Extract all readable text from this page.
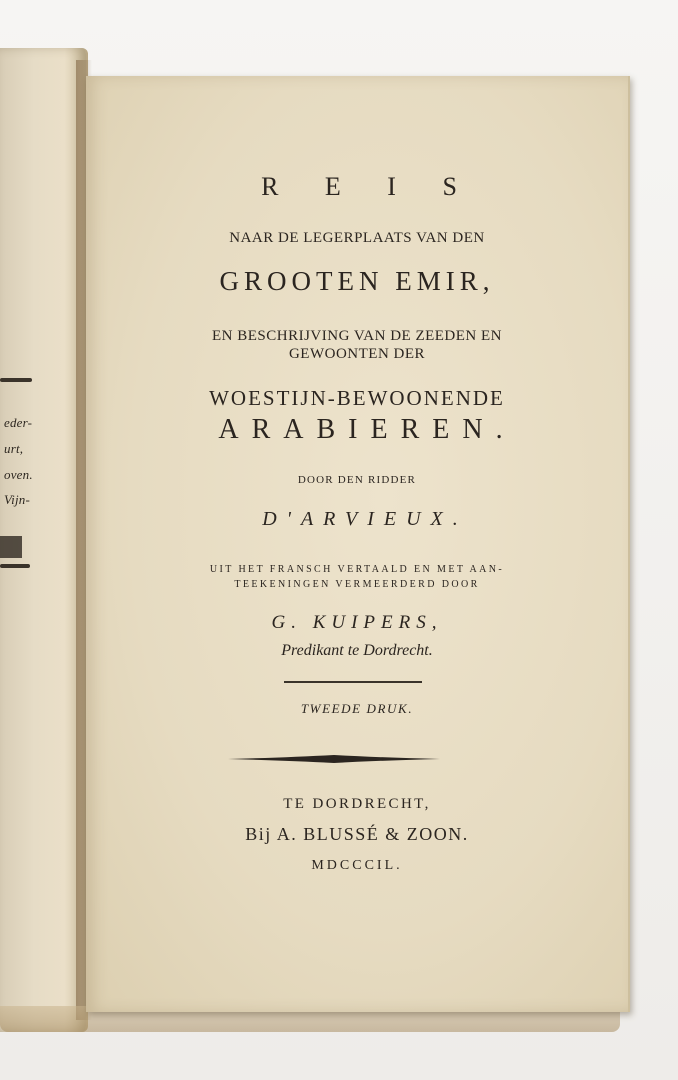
eder-
urt,
oven.
Vijn-
R E I S
NAAR DE LEGERPLAATS VAN DEN
GROOTEN EMIR,
EN BESCHRIJVING VAN DE ZEEDEN EN
GEWOONTEN DER
WOESTIJN-BEWOONENDE
ARABIEREN.
DOOR DEN RIDDER
D'ARVIEUX.
UIT HET FRANSCH VERTAALD EN MET AAN-
TEEKENINGEN VERMEERDERD DOOR
G. KUIPERS,
Predikant te Dordrecht.
TWEEDE DRUK.
TE DORDRECHT,
Bij A. BLUSSÉ & ZOON.
MDCCCIL.
